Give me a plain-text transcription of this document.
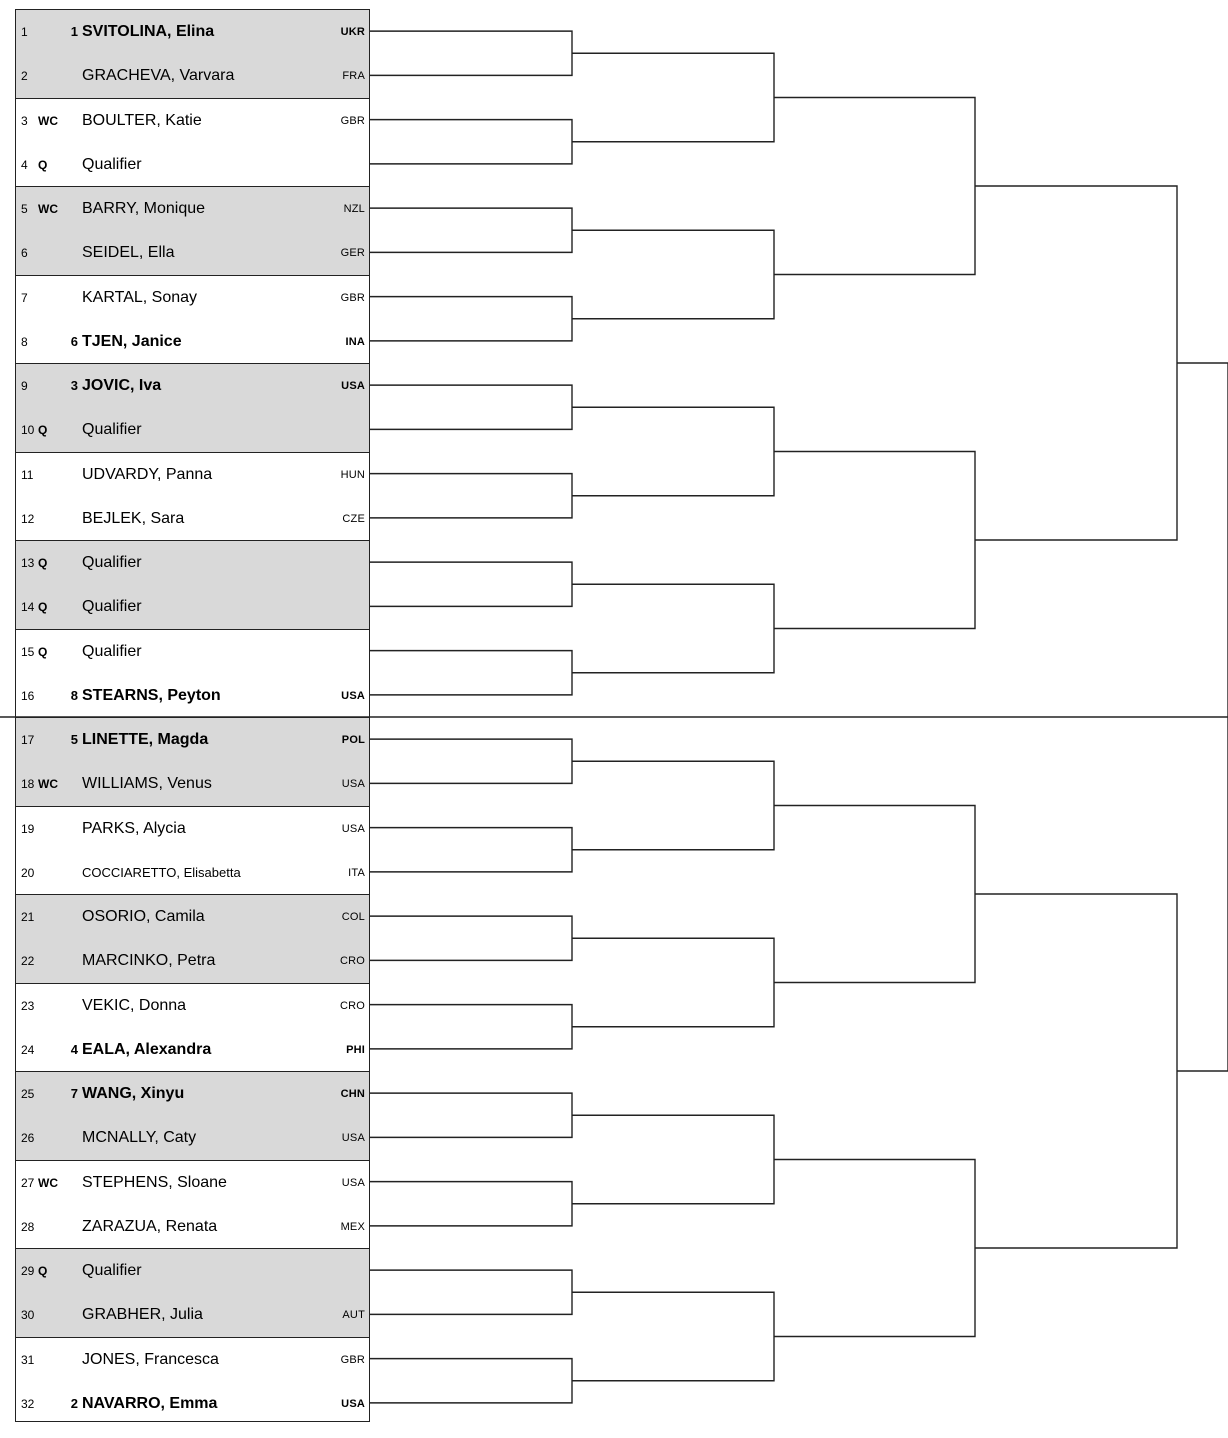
1	1 SVITOLINA, Elina	UKR
2	GRACHEVA, Varvara	FRA
3 WC BOULTER, Katie	GBR
4 Q Qualifier
5 WC BARRY, Monique	NZL
6	SEIDEL, Ella	GER
7	KARTAL, Sonay	GBR
8	6 TJEN, Janice	INA
9	3 JOVIC, Iva	USA
10 Q Qualifier
11	UDVARDY, Panna	HUN
12	BEJLEK, Sara	CZE
13 Q Qualifier
14 Q Qualifier
15 Q Qualifier
16	8 STEARNS, Peyton	USA
17	5 LINETTE, Magda	POL
18 WC WILLIAMS, Venus	USA
19	PARKS, Alycia	USA
20	COCCIARETTO, Elisabetta	ITA
21	OSORIO, Camila	COL
22	MARCINKO, Petra	CRO
23	VEKIC, Donna	CRO
24	4 EALA, Alexandra	PHI
25	7 WANG, Xinyu	CHN
26	MCNALLY, Caty	USA
27 WC STEPHENS, Sloane	USA
28	ZARAZUA, Renata	MEX
29 Q Qualifier
30	GRABHER, Julia	AUT
31	JONES, Francesca	GBR
32	2 NAVARRO, Emma	USA
